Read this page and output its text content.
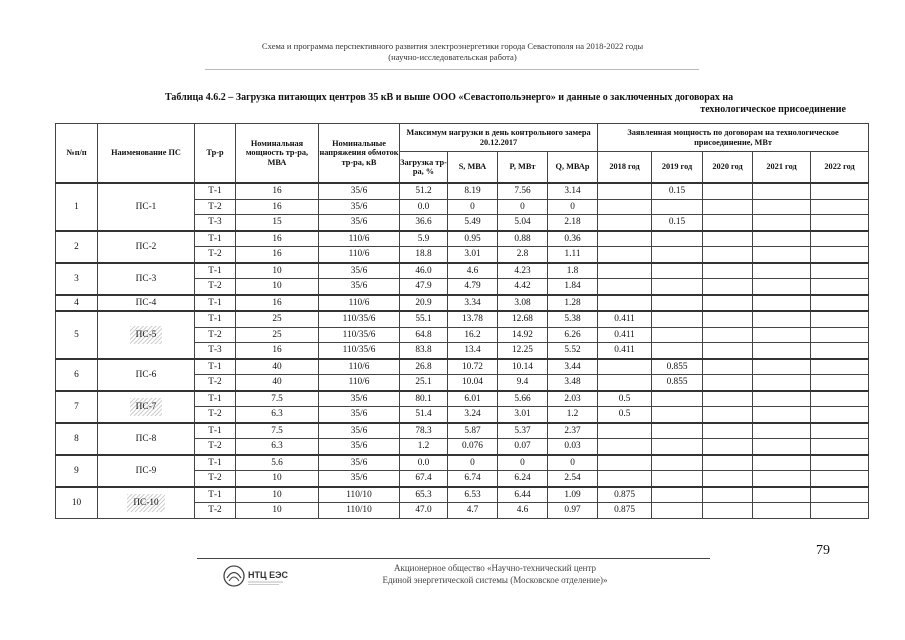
Схема и программа перспективного развития электроэнергетики города Севастополя на 2018-2022 годы
(научно-исследовательская работа)
Таблица 4.6.2 – Загрузка питающих центров 35 кВ и выше ООО «Севастопольэнерго» и данные о заключенных договорах на
технологическое присоединение
№п/п	Наименование ПС	Тр-р	Номинальная мощность тр-ра, МВА	Номинальные напряжения обмоток тр-ра, кВ	Максимум нагрузки в день контрольного замера 20.12.2017				Заявленная мощность по договорам на технологическое присоединение, МВт				
					Загрузка тр-ра, %	S, МВА	P, МВт	Q, МВАр	2018 год	2019 год	2020 год	2021 год	2022 год
1	ПС-1	Т-1	16	35/6	51.2	8.19	7.56	3.14		0.15			
		Т-2	16	35/6	0.0	0	0	0					
		Т-3	15	35/6	36.6	5.49	5.04	2.18		0.15			
2	ПС-2	Т-1	16	110/6	5.9	0.95	0.88	0.36					
		Т-2	16	110/6	18.8	3.01	2.8	1.11					
3	ПС-3	Т-1	10	35/6	46.0	4.6	4.23	1.8					
		Т-2	10	35/6	47.9	4.79	4.42	1.84					
4	ПС-4	Т-1	16	110/6	20.9	3.34	3.08	1.28					
5	ПС-5	Т-1	25	110/35/6	55.1	13.78	12.68	5.38	0.411				
		Т-2	25	110/35/6	64.8	16.2	14.92	6.26	0.411				
		Т-3	16	110/35/6	83.8	13.4	12.25	5.52	0.411				
6	ПС-6	Т-1	40	110/6	26.8	10.72	10.14	3.44		0.855			
		Т-2	40	110/6	25.1	10.04	9.4	3.48		0.855			
7	ПС-7	Т-1	7.5	35/6	80.1	6.01	5.66	2.03	0.5				
		Т-2	6.3	35/6	51.4	3.24	3.01	1.2	0.5				
8	ПС-8	Т-1	7.5	35/6	78.3	5.87	5.37	2.37					
		Т-2	6.3	35/6	1.2	0.076	0.07	0.03					
9	ПС-9	Т-1	5.6	35/6	0.0	0	0	0					
		Т-2	10	35/6	67.4	6.74	6.24	2.54					
10	ПС-10	Т-1	10	110/10	65.3	6.53	6.44	1.09	0.875				
		Т-2	10	110/10	47.0	4.7	4.6	0.97	0.875				
79
НТЦ ЕЭС
Акционерное общество «Научно-технический центр
Единой энергетической системы (Московское отделение)»
